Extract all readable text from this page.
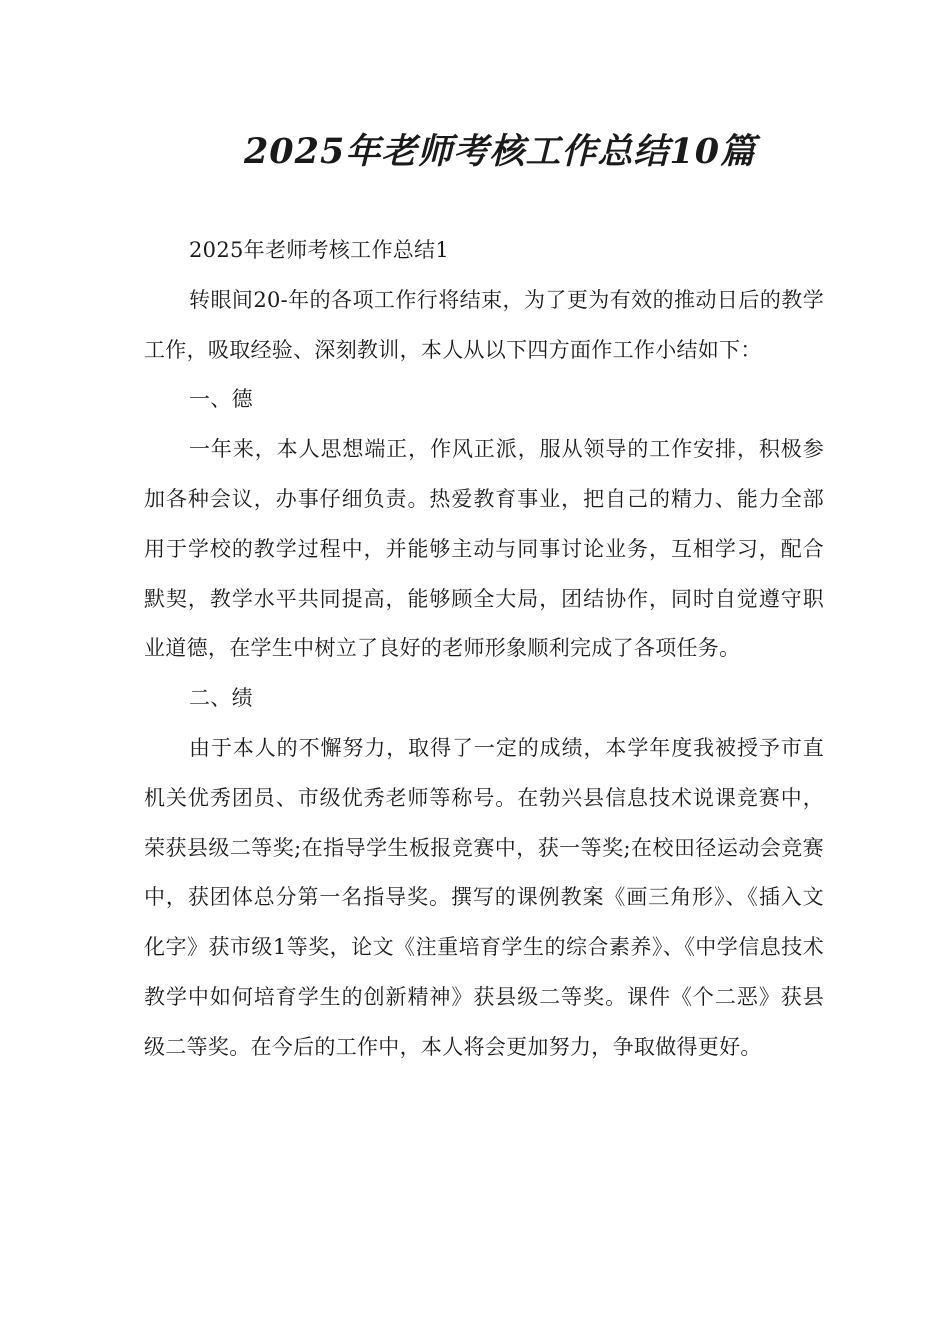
2025年老师考核工作总结10篇

2025年老师考核工作总结1

转眼间20-年的各项工作行将结束，为了更为有效的推动日后的教学工作，吸取经验、深刻教训，本人从以下四方面作工作小结如下：

一、德

一年来，本人思想端正，作风正派，服从领导的工作安排，积极参加各种会议，办事仔细负责。热爱教育事业，把自己的精力、能力全部用于学校的教学过程中，并能够主动与同事讨论业务，互相学习，配合默契，教学水平共同提高，能够顾全大局，团结协作，同时自觉遵守职业道德，在学生中树立了良好的老师形象顺利完成了各项任务。

二、绩

由于本人的不懈努力，取得了一定的成绩，本学年度我被授予市直机关优秀团员、市级优秀老师等称号。在勃兴县信息技术说课竞赛中，荣获县级二等奖;在指导学生板报竞赛中，获一等奖;在校田径运动会竞赛中，获团体总分第一名指导奖。撰写的课例教案《画三角形》、《插入文化字》获市级1等奖，论文《注重培育学生的综合素养》、《中学信息技术教学中如何培育学生的创新精神》获县级二等奖。课件《个二恶》获县级二等奖。在今后的工作中，本人将会更加努力，争取做得更好。
